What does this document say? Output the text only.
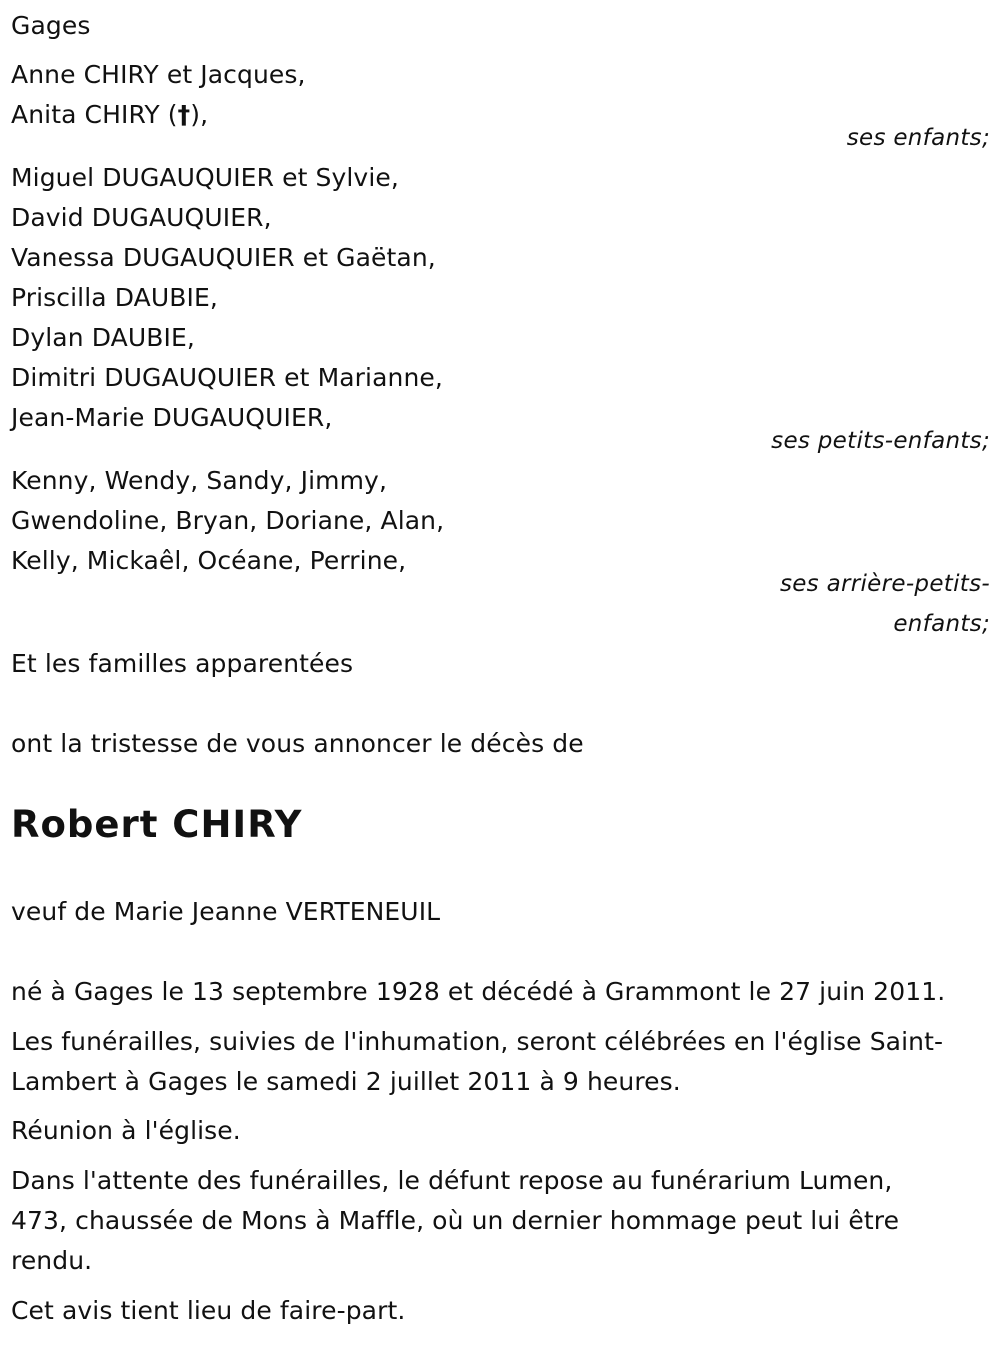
Gages
Anne CHIRY et Jacques,
Anita CHIRY (†),
ses enfants;
Miguel DUGAUQUIER et Sylvie,
David DUGAUQUIER,
Vanessa DUGAUQUIER et Gaëtan,
Priscilla DAUBIE,
Dylan DAUBIE,
Dimitri DUGAUQUIER et Marianne,
Jean-Marie DUGAUQUIER,
ses petits-enfants;
Kenny, Wendy, Sandy, Jimmy,
Gwendoline, Bryan, Doriane, Alan,
Kelly, Mickaêl, Océane, Perrine,
ses arrière-petits-
enfants;
Et les familles apparentées
ont la tristesse de vous annoncer le décès de
Robert CHIRY
veuf de Marie Jeanne VERTENEUIL
né à Gages le 13 septembre 1928 et décédé à Grammont le 27 juin 2011.
Les funérailles, suivies de l'inhumation, seront célébrées en l'église Saint-
Lambert à Gages le samedi 2 juillet 2011 à 9 heures.
Réunion à l'église.
Dans l'attente des funérailles, le défunt repose au funérarium Lumen,
473, chaussée de Mons à Maffle, où un dernier hommage peut lui être
rendu.
Cet avis tient lieu de faire-part.
